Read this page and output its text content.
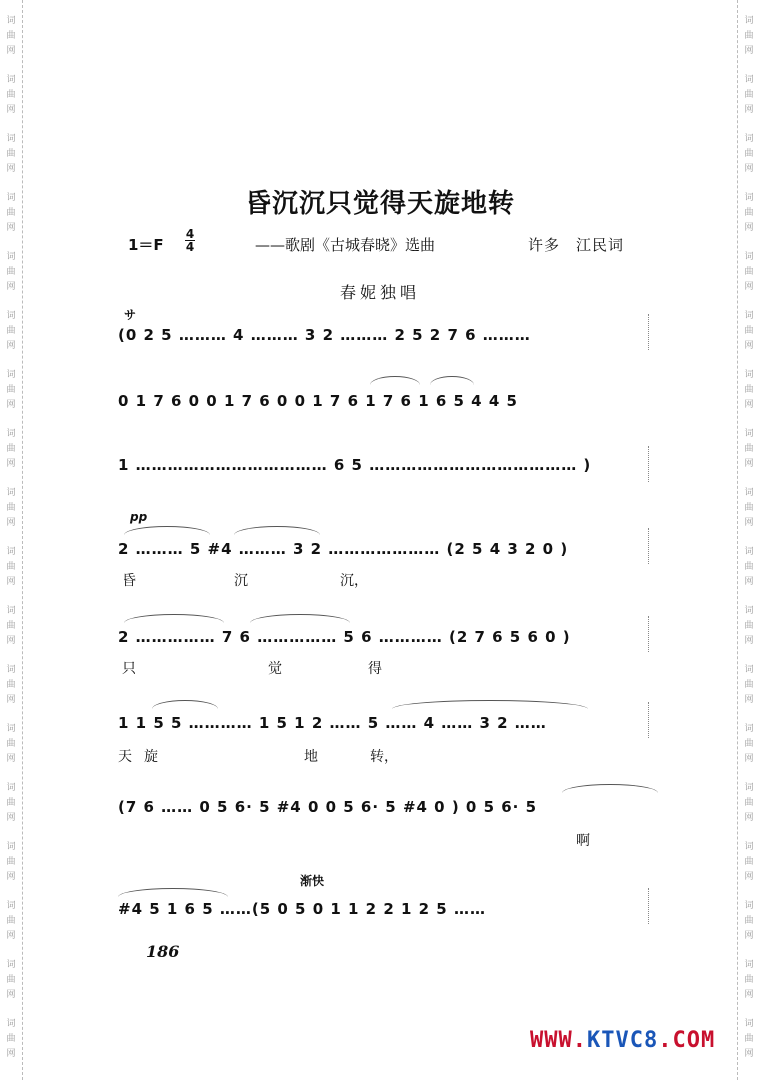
词曲网
词曲网
词曲网
词曲网
词曲网
词曲网
词曲网
词曲网
词曲网
词曲网
词曲网
词曲网
词曲网
词曲网
词曲网
词曲网
词曲网
词曲网
词曲网
词曲网
词曲网
词曲网
词曲网
词曲网
词曲网
词曲网
词曲网
词曲网
词曲网
词曲网
词曲网
词曲网
词曲网
词曲网
词曲网
词曲网
昏沉沉只觉得天旋地转
1＝F
4
4	——歌剧《古城春晓》选曲	许多　江民词
春妮独唱
サ
(0 2 5 ……… 4 ……… 3 2 ……… 2 5 2 7 6 ………
0 1 7 6 0 0 1 7 6 0 0 1 7 6 1 7 6 1 6 5 4 4 5
1 ……………………………… 6 5 ………………………………… )
pp
2 ……… 5 #4 ……… 3 2 ………………… (2 5 4 3 2 0 )
昏	沉	沉，
2 …………… 7 6 …………… 5 6 ………… (2 7 6 5 6 0 )
只	觉	得
1 1 5 5 ………… 1 5 1 2 …… 5 …… 4 …… 3 2 ……
天 旋	地	转，
(7 6 …… 0 5 6· 5 #4 0 0 5 6· 5 #4 0 ) 0 5 6· 5
啊
渐快
#4 5 1 6 5 ……(5 0 5 0 1 1 2 2 1 2 5 ……
186
WWW.KTVC8.COM
